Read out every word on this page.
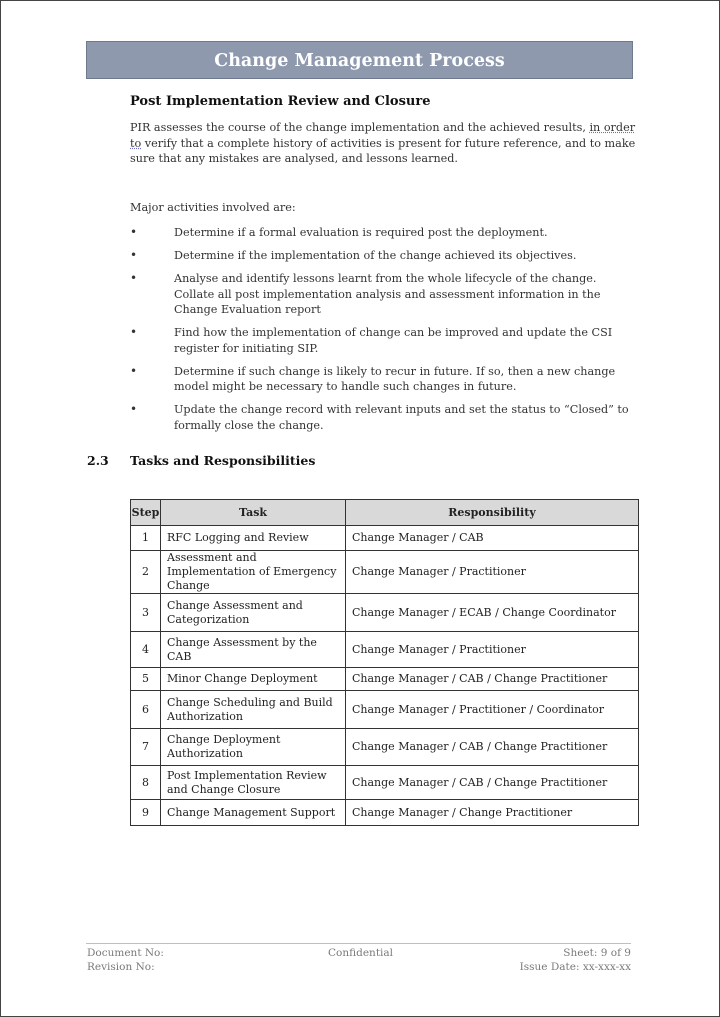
Change Management Process
Post Implementation Review and Closure
PIR assesses the course of the change implementation and the achieved results, in order to verify that a complete history of activities is present for future reference, and to make sure that any mistakes are analysed, and lessons learned.
Major activities involved are:
•	Determine if a formal evaluation is required post the deployment.
•	Determine if the implementation of the change achieved its objectives.
•	Analyse and identify lessons learnt from the whole lifecycle of the change. Collate all post implementation analysis and assessment information in the Change Evaluation report
•	Find how the implementation of change can be improved and update the CSI register for initiating SIP.
•	Determine if such change is likely to recur in future. If so, then a new change model might be necessary to handle such changes in future.
•	Update the change record with relevant inputs and set the status to “Closed” to formally close the change.
2.3 Tasks and Responsibilities
Step	Task	Responsibility
1	RFC Logging and Review	Change Manager / CAB
2	Assessment and Implementation of Emergency Change	Change Manager / Practitioner
3	Change Assessment and Categorization	Change Manager / ECAB / Change Coordinator
4	Change Assessment by the CAB	Change Manager / Practitioner
5	Minor Change Deployment	Change Manager / CAB / Change Practitioner
6	Change Scheduling and Build Authorization	Change Manager / Practitioner / Coordinator
7	Change Deployment Authorization	Change Manager / CAB / Change Practitioner
8	Post Implementation Review and Change Closure	Change Manager / CAB / Change Practitioner
9	Change Management Support	Change Manager / Change Practitioner
Document No:
Revision No:
Confidential	Sheet: 9 of 9
Issue Date: xx-xxx-xx
